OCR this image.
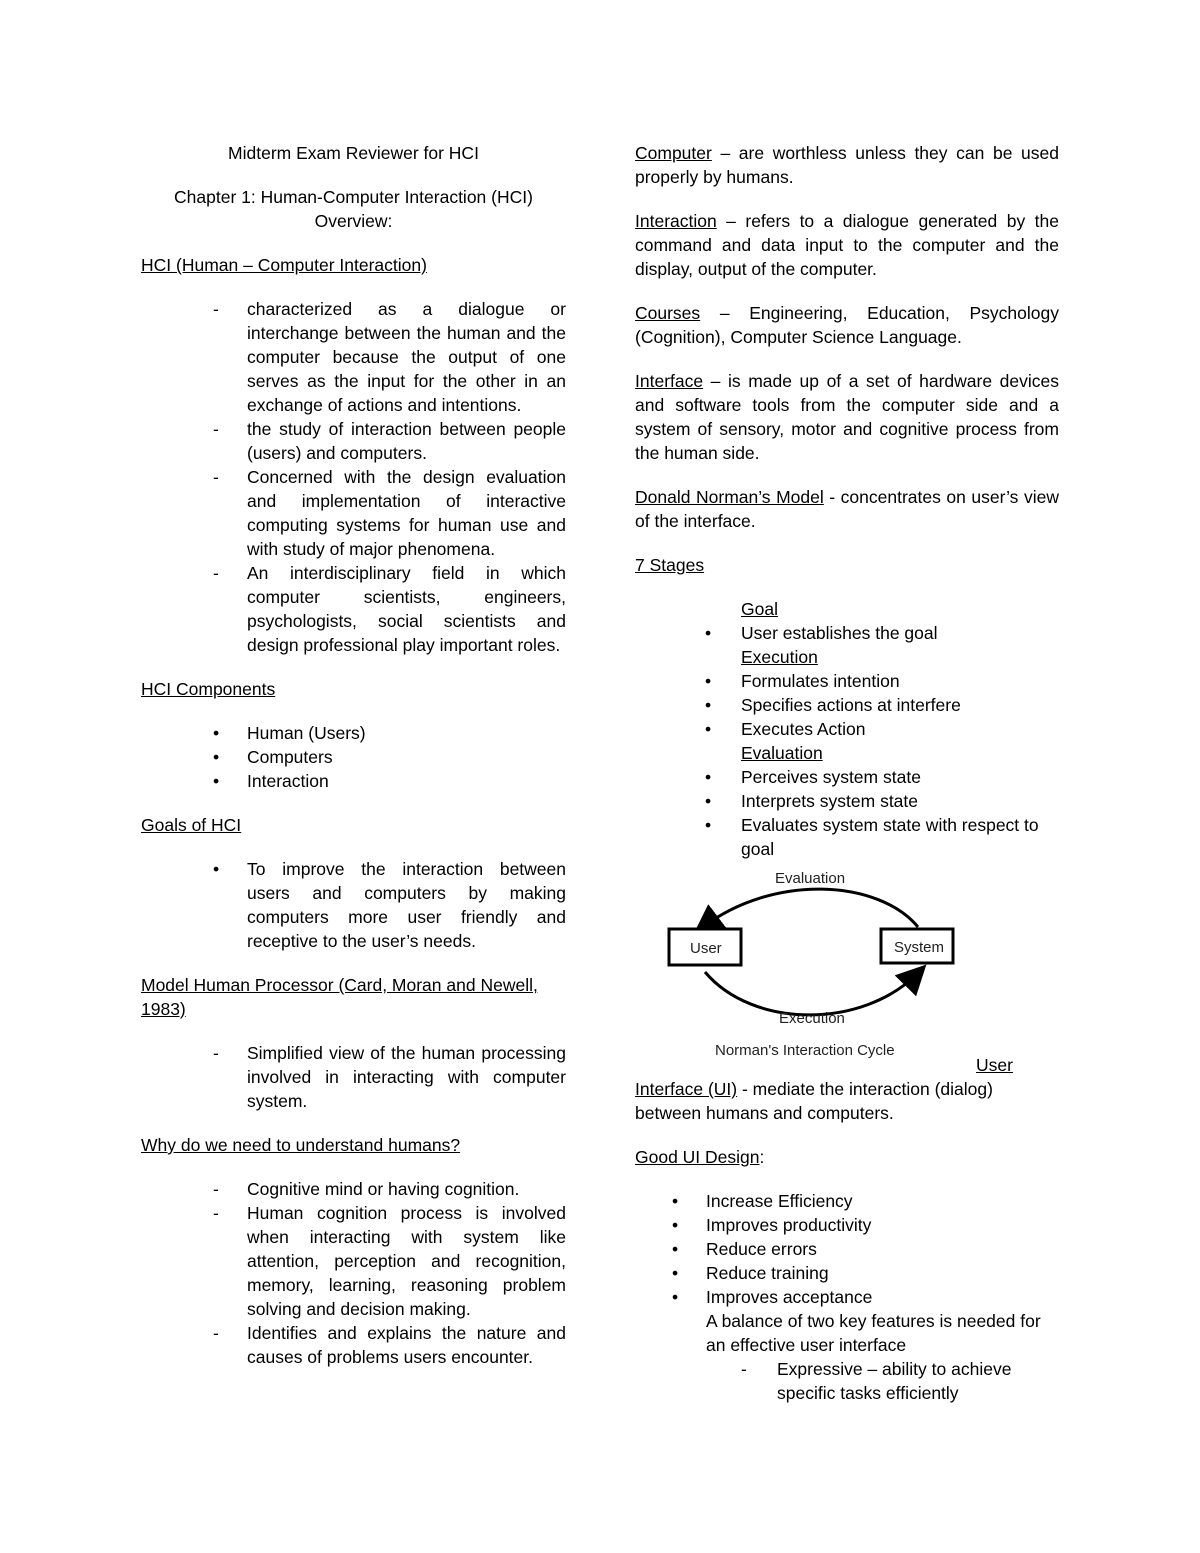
Midterm Exam Reviewer for HCI
Chapter 1: Human-Computer Interaction (HCI)
Overview:
HCI (Human – Computer Interaction)
- characterized as a dialogue or interchange between the human and the computer because the output of one serves as the input for the other in an exchange of actions and intentions.
- the study of interaction between people (users) and computers.
- Concerned with the design evaluation and implementation of interactive computing systems for human use and with study of major phenomena.
- An interdisciplinary field in which computer scientists, engineers, psychologists, social scientists and design professional play important roles.
HCI Components
• Human (Users)
• Computers
• Interaction
Goals of HCI
• To improve the interaction between users and computers by making computers more user friendly and receptive to the user’s needs.
Model Human Processor (Card, Moran and Newell, 1983)
- Simplified view of the human processing involved in interacting with computer system.
Why do we need to understand humans?
- Cognitive mind or having cognition.
- Human cognition process is involved when interacting with system like attention, perception and recognition, memory, learning, reasoning problem solving and decision making.
- Identifies and explains the nature and causes of problems users encounter.

Computer – are worthless unless they can be used properly by humans.

Interaction – refers to a dialogue generated by the command and data input to the computer and the display, output of the computer.

Courses – Engineering, Education, Psychology (Cognition), Computer Science Language.

Interface – is made up of a set of hardware devices and software tools from the computer side and a system of sensory, motor and cognitive process from the human side.

Donald Norman’s Model - concentrates on user’s view of the interface.

7 Stages
Goal
• User establishes the goal
Execution
• Formulates intention
• Specifies actions at interfere
• Executes Action
Evaluation
• Perceives system state
• Interprets system state
• Evaluates system state with respect to goal
Evaluation
User	System
Execution
Norman's Interaction Cycle

User
Interface (UI) - mediate the interaction (dialog) between humans and computers.

Good UI Design:
• Increase Efficiency
• Improves productivity
• Reduce errors
• Reduce training
• Improves acceptance
A balance of two key features is needed for an effective user interface
- Expressive – ability to achieve specific tasks efficiently
